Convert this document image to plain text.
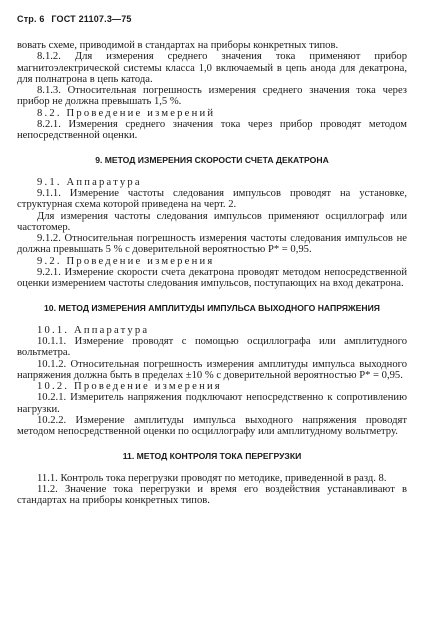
Стр. 6 ГОСТ 21107.3—75

вовать схеме, приводимой в стандартах на приборы конкретных типов.

8.1.2. Для измерения среднего значения тока применяют прибор магнитоэлектрической системы класса 1,0 включаемый в цепь анода для декатрона, для полнатрона в цепь катода.

8.1.3. Относительная погрешность измерения среднего значения тока через прибор не должна превышать 1,5 %.

8.2. Проведение измерений

8.2.1. Измерения среднего значения тока через прибор проводят методом непосредственной оценки.

9. МЕТОД ИЗМЕРЕНИЯ СКОРОСТИ СЧЕТА ДЕКАТРОНА

9.1. Аппаратура

9.1.1. Измерение частоты следования импульсов проводят на установке, структурная схема которой приведена на черт. 2.

Для измерения частоты следования импульсов применяют осциллограф или частотомер.

9.1.2. Относительная погрешность измерения частоты следования импульсов не должна превышать 5 % с доверительной вероятностью P* = 0,95.

9.2. Проведение измерения

9.2.1. Измерение скорости счета декатрона проводят методом непосредственной оценки измерением частоты следования импульсов, поступающих на вход декатрона.

10. МЕТОД ИЗМЕРЕНИЯ АМПЛИТУДЫ ИМПУЛЬСА ВЫХОДНОГО НАПРЯЖЕНИЯ

10.1. Аппаратура

10.1.1. Измерение проводят с помощью осциллографа или амплитудного вольтметра.

10.1.2. Относительная погрешность измерения амплитуды импульса выходного напряжения должна быть в пределах ±10 % с доверительной вероятностью P* = 0,95.

10.2. Проведение измерения

10.2.1. Измеритель напряжения подключают непосредственно к сопротивлению нагрузки.

10.2.2. Измерение амплитуды импульса выходного напряжения проводят методом непосредственной оценки по осциллографу или амплитудному вольтметру.

11. МЕТОД КОНТРОЛЯ ТОКА ПЕРЕГРУЗКИ

11.1. Контроль тока перегрузки проводят по методике, приведенной в разд. 8.

11.2. Значение тока перегрузки и время его воздействия устанавливают в стандартах на приборы конкретных типов.
